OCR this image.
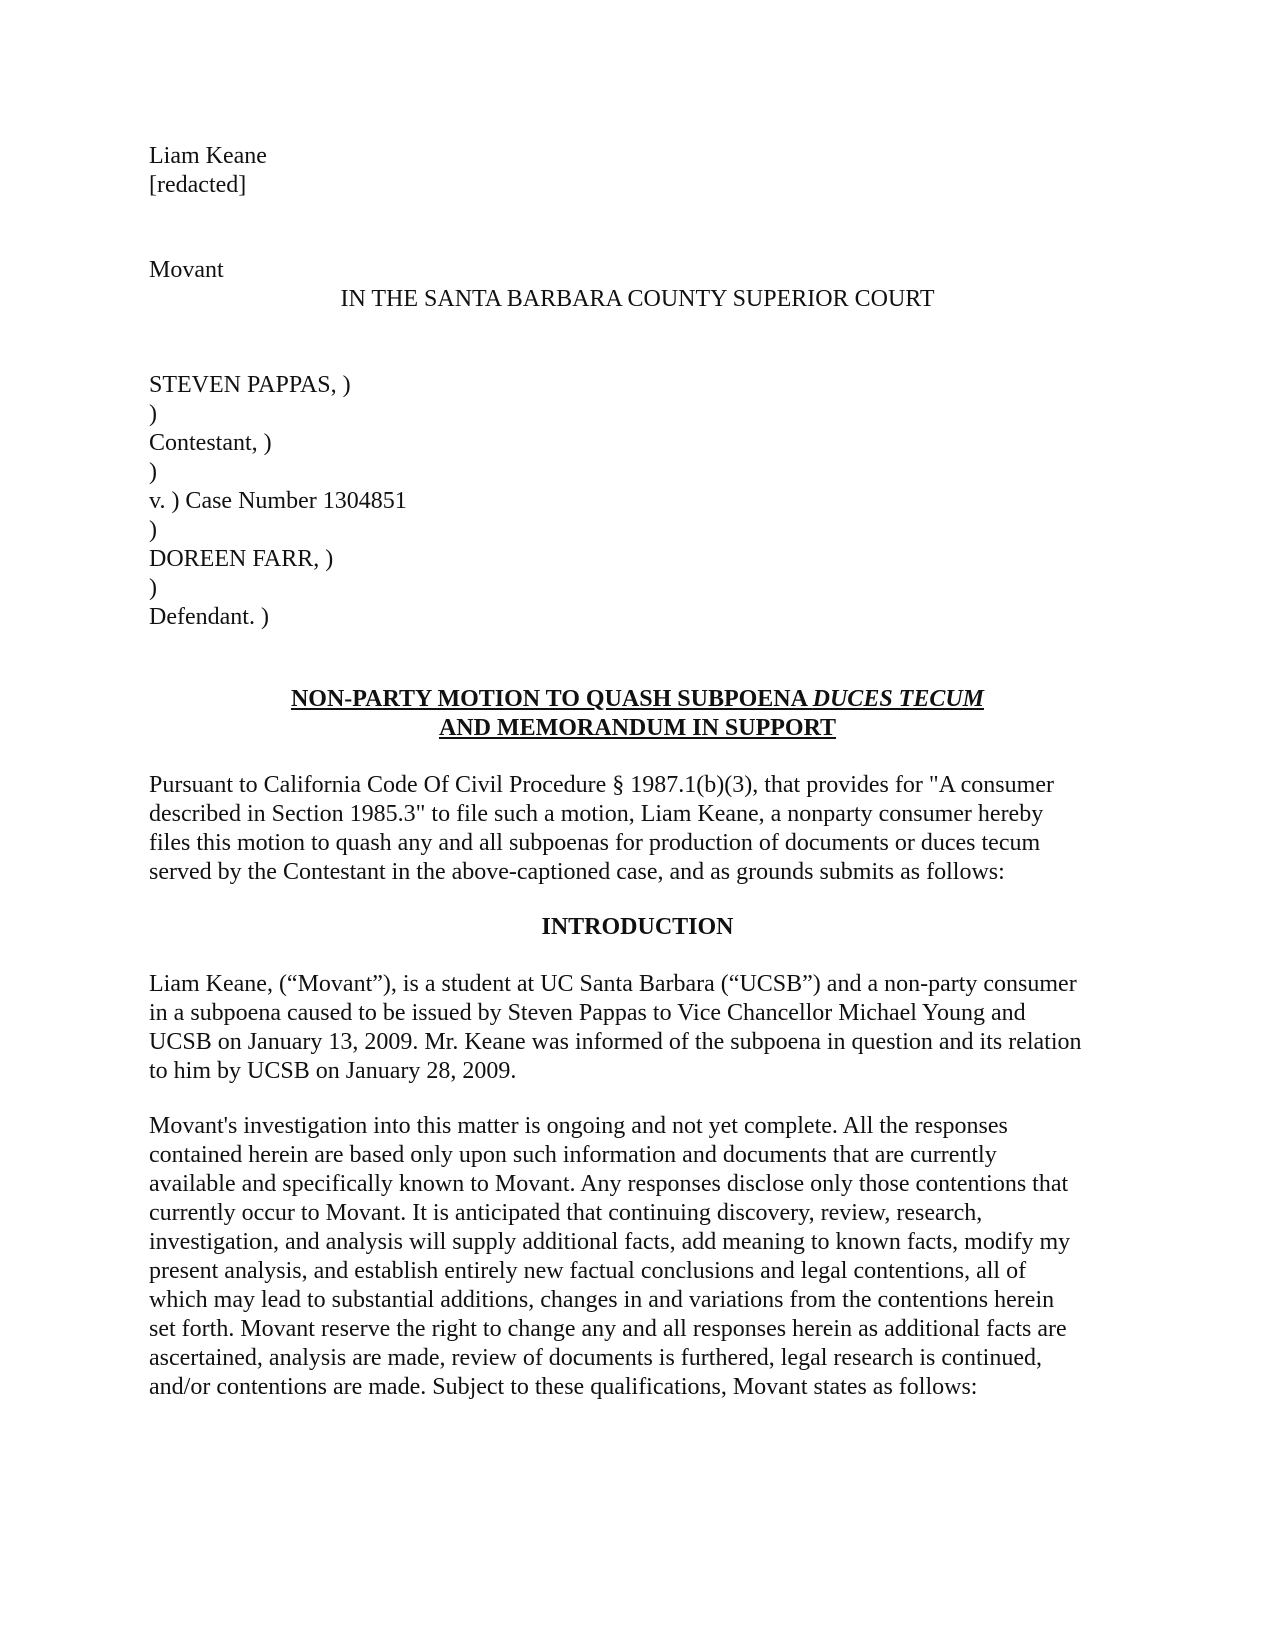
Liam Keane
[redacted]
Movant
IN THE SANTA BARBARA COUNTY SUPERIOR COURT
STEVEN PAPPAS, )
)
Contestant, )
)
v. ) Case Number 1304851
)
DOREEN FARR, )
)
Defendant. )
NON-PARTY MOTION TO QUASH SUBPOENA DUCES TECUM
AND MEMORANDUM IN SUPPORT
Pursuant to California Code Of Civil Procedure § 1987.1(b)(3), that provides for "A consumer
described in Section 1985.3" to file such a motion, Liam Keane, a nonparty consumer hereby
files this motion to quash any and all subpoenas for production of documents or duces tecum
served by the Contestant in the above-captioned case, and as grounds submits as follows:
INTRODUCTION
Liam Keane, (“Movant”), is a student at UC Santa Barbara (“UCSB”) and a non-party consumer
in a subpoena caused to be issued by Steven Pappas to Vice Chancellor Michael Young and
UCSB on January 13, 2009. Mr. Keane was informed of the subpoena in question and its relation
to him by UCSB on January 28, 2009.
Movant's investigation into this matter is ongoing and not yet complete. All the responses
contained herein are based only upon such information and documents that are currently
available and specifically known to Movant. Any responses disclose only those contentions that
currently occur to Movant. It is anticipated that continuing discovery, review, research,
investigation, and analysis will supply additional facts, add meaning to known facts, modify my
present analysis, and establish entirely new factual conclusions and legal contentions, all of
which may lead to substantial additions, changes in and variations from the contentions herein
set forth. Movant reserve the right to change any and all responses herein as additional facts are
ascertained, analysis are made, review of documents is furthered, legal research is continued,
and/or contentions are made. Subject to these qualifications, Movant states as follows:
